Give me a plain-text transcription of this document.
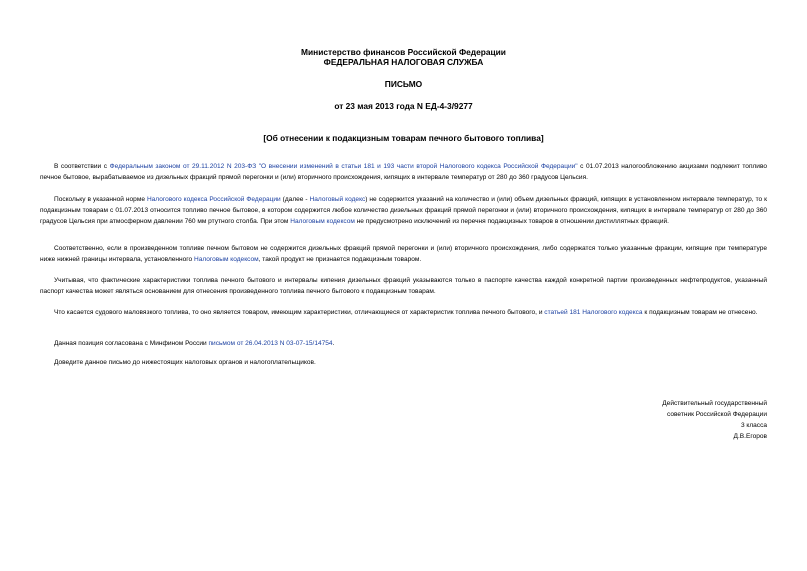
Министерство финансов Российской Федерации
ФЕДЕРАЛЬНАЯ НАЛОГОВАЯ СЛУЖБА
ПИСЬМО
от 23 мая 2013 года N ЕД-4-3/9277
[Об отнесении к подакцизным товарам печного бытового топлива]
В соответствии с Федеральным законом от 29.11.2012 N 203-ФЗ "О внесении изменений в статьи 181 и 193 части второй Налогового кодекса Российской Федерации" с 01.07.2013 налогообложению акцизами подлежит топливо печное бытовое, вырабатываемое из дизельных фракций прямой перегонки и (или) вторичного происхождения, кипящих в интервале температур от 280 до 360 градусов Цельсия.
Поскольку в указанной норме Налогового кодекса Российской Федерации (далее - Налоговый кодекс) не содержится указаний на количество и (или) объем дизельных фракций, кипящих в установленном интервале температур, то к подакцизным товарам с 01.07.2013 относится топливо печное бытовое, в котором содержится любое количество дизельных фракций прямой перегонки и (или) вторичного происхождения, кипящих в интервале температур от 280 до 360 градусов Цельсия при атмосферном давлении 760 мм ртутного столба. При этом Налоговым кодексом не предусмотрено исключений из перечня подакцизных товаров в отношении дистиллятных фракций.
Соответственно, если в произведенном топливе печном бытовом не содержится дизельных фракций прямой перегонки и (или) вторичного происхождения, либо содержатся только указанные фракции, кипящие при температуре ниже нижней границы интервала, установленного Налоговым кодексом, такой продукт не признается подакцизным товаром.
Учитывая, что фактические характеристики топлива печного бытового и интервалы кипения дизельных фракций указываются только в паспорте качества каждой конкретной партии произведенных нефтепродуктов, указанный паспорт качества может являться основанием для отнесения произведенного топлива печного бытового к подакцизным товарам.
Что касается судового маловязкого топлива, то оно является товаром, имеющим характеристики, отличающиеся от характеристик топлива печного бытового, и статьей 181 Налогового кодекса к подакцизным товарам не отнесено.
Данная позиция согласована с Минфином России письмом от 26.04.2013 N 03-07-15/14754.
Доведите данное письмо до нижестоящих налоговых органов и налогоплательщиков.
Действительный государственный
советник Российской Федерации
3 класса
Д.В.Егоров
